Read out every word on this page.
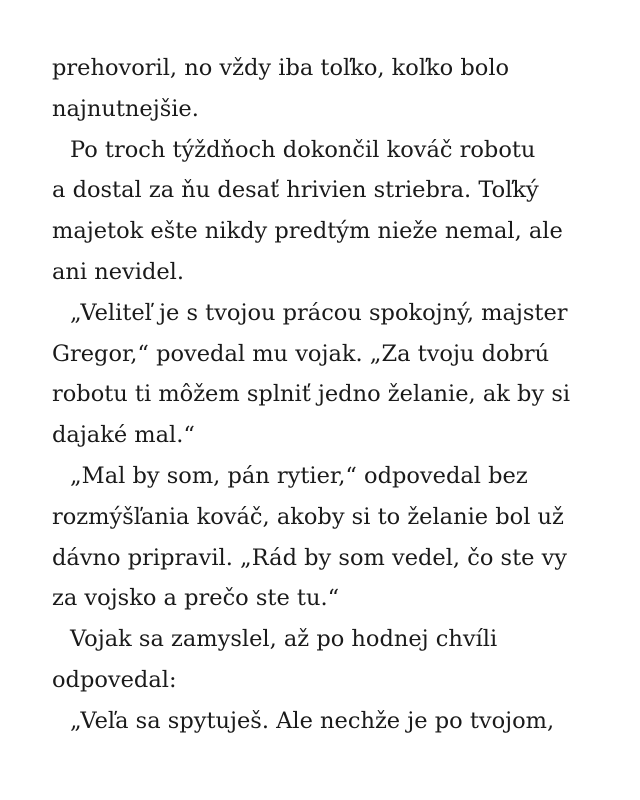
prehovoril, no vždy iba toľko, koľko bolo
najnutnejšie.
Po troch týždňoch dokončil kováč robotu
a dostal za ňu desať hrivien striebra. Toľký
majetok ešte nikdy predtým nieže nemal, ale
ani nevidel.
„Veliteľ je s tvojou prácou spokojný, majster
Gregor,“ povedal mu vojak. „Za tvoju dobrú
robotu ti môžem splniť jedno želanie, ak by si
dajaké mal.“
„Mal by som, pán rytier,“ odpovedal bez
rozmýšľania kováč, akoby si to želanie bol už
dávno pripravil. „Rád by som vedel, čo ste vy
za vojsko a prečo ste tu.“
Vojak sa zamyslel, až po hodnej chvíli
odpovedal:
„Veľa sa spytuješ. Ale nechže je po tvojom,
